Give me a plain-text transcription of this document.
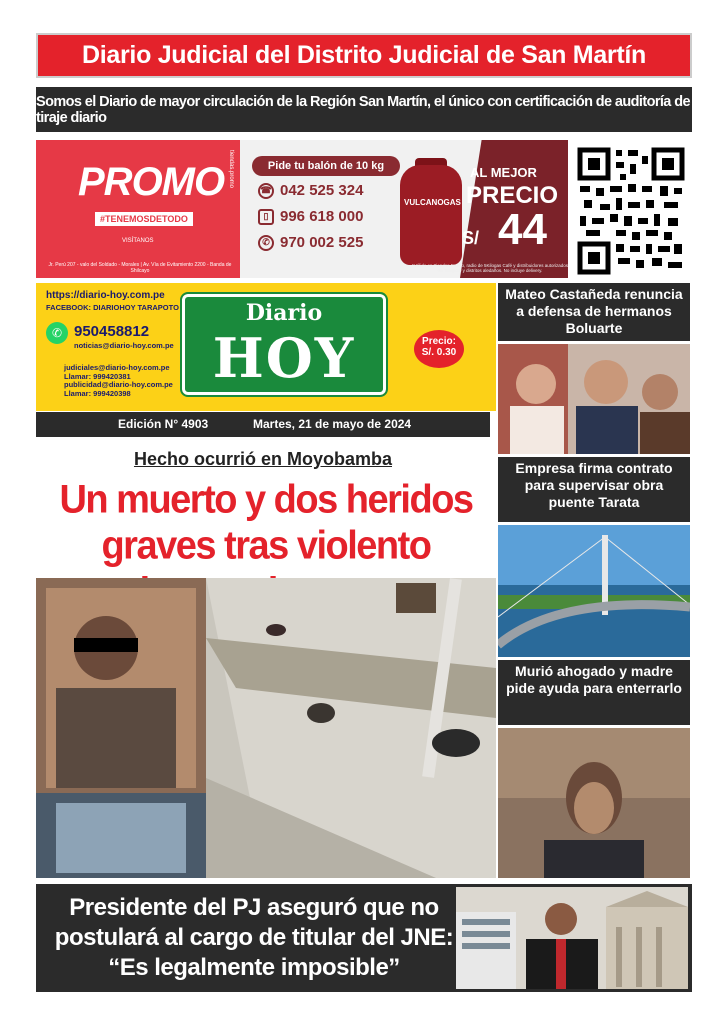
Diario Judicial del Distrito Judicial de San Martín
Somos el Diario de mayor circulación de la Región San Martín, el único con certificación de auditoría de tiraje diario
PROMO
#TENEMOSDETODO
VISÍTANOS
Jr. Perú 207 - valo del Soldado - Morales | Av. Vía de Evitamiento 2200 - Banda de Shilcayo
tiendas.promo	Pide tu balón de 10 kg
☎ 042 525 324
▯ 996 618 000
✆ 970 002 525
VULCANOGAS
AL MEJOR
PRECIO
S/ 44
*Válido en Tiendas Promo, radio de 5Kilogas Café y distribuidores autorizados en Tarapoto y distritos aledaños. No incluye delivery.
https://diario-hoy.com.pe
FACEBOOK: DIARIOHOY TARAPOTO
✆ 950458812
noticias@diario-hoy.com.pe
judiciales@diario-hoy.com.pe
Llamar: 999420381
publicidad@diario-hoy.com.pe
Llamar: 999420398
Diario
HOY	Precio:
S/. 0.30
Edición N° 4903	Martes, 21 de mayo de 2024
Hecho ocurrió en Moyobamba
Un muerto y dos heridos graves tras violento
Mateo Castañeda renuncia a defensa de hermanos Boluarte
Empresa firma contrato para supervisar obra puente Tarata
Murió ahogado y madre pide ayuda para enterrarlo
Presidente del PJ aseguró que no postulará al cargo de titular del JNE: “Es legalmente imposible”
